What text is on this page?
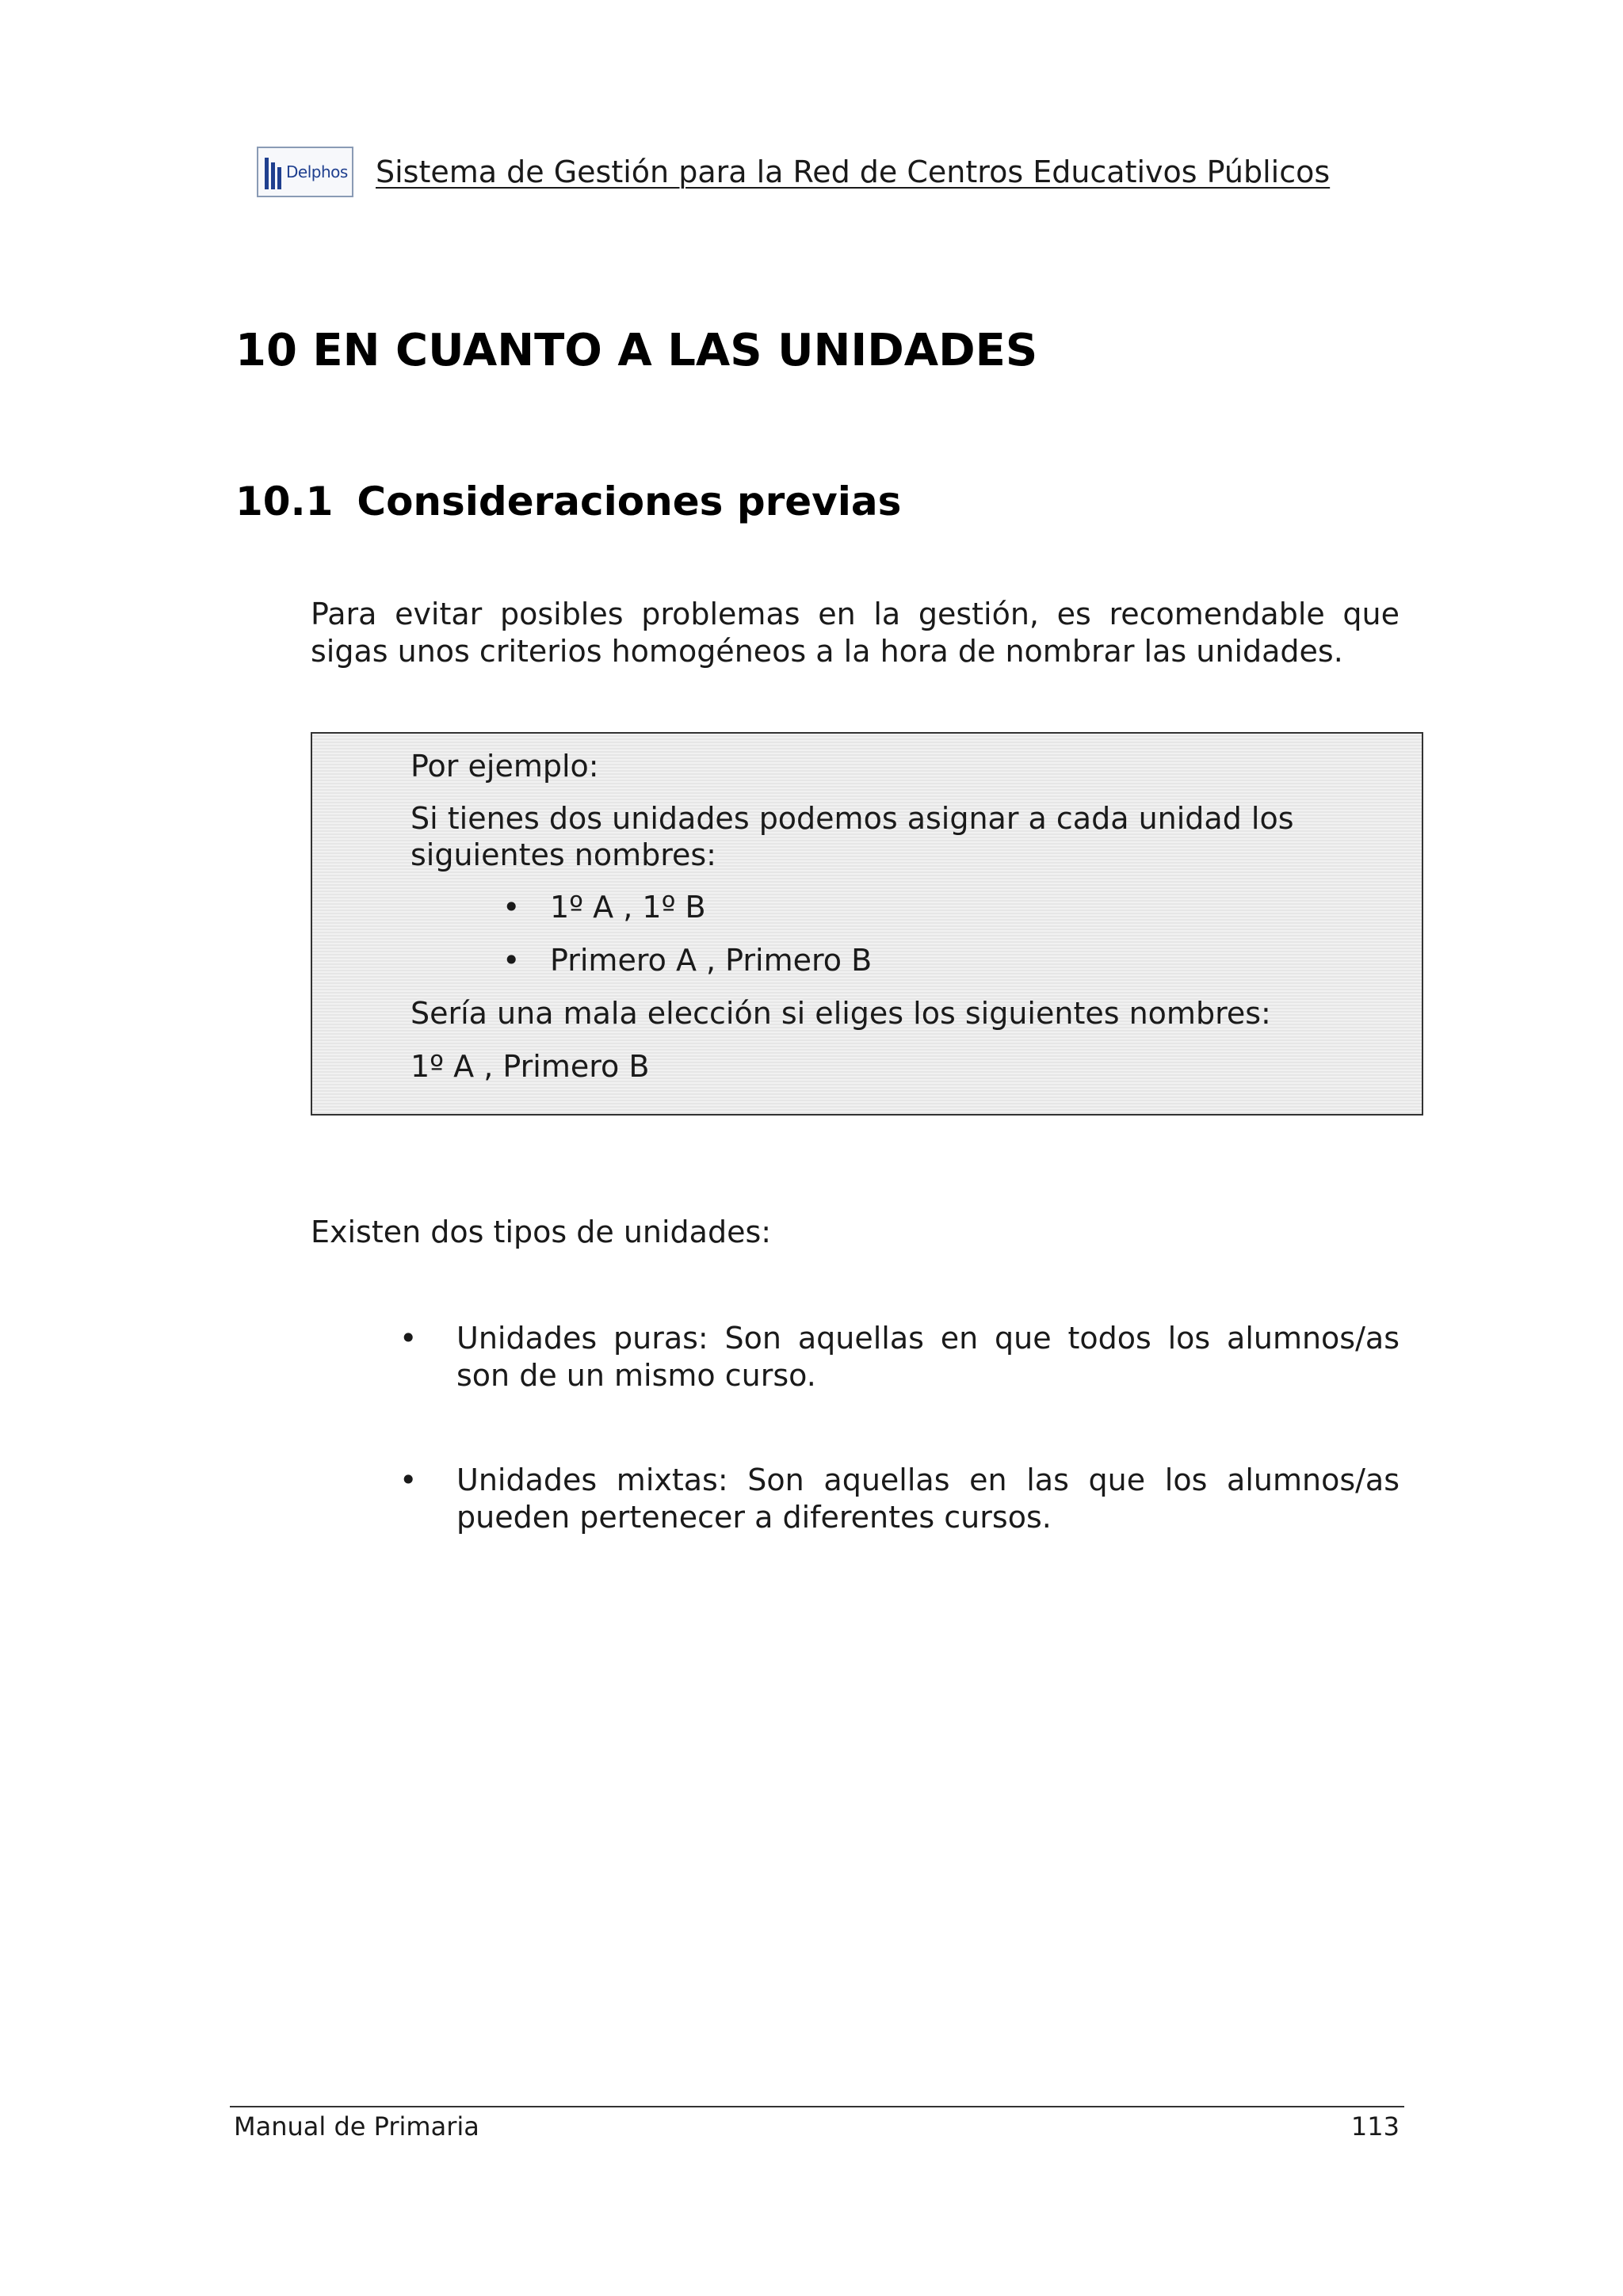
Delphos Sistema de Gestión para la Red de Centros Educativos Públicos
10 EN CUANTO A LAS UNIDADES
10.1 Consideraciones previas

Para evitar posibles problemas en la gestión, es recomendable que sigas unos criterios homogéneos a la hora de nombrar las unidades.

Por ejemplo:

Si tienes dos unidades podemos asignar a cada unidad los

siguientes nombres:

• 1º A , 1º B
• Primero A , Primero B

Sería una mala elección si eliges los siguientes nombres:

1º A , Primero B

Existen dos tipos de unidades:

•	Unidades puras: Son aquellas en que todos los alumnos/as son de un mismo curso.
•	Unidades mixtas: Son aquellas en las que los alumnos/as pueden pertenecer a diferentes cursos.
Manual de Primaria	113
